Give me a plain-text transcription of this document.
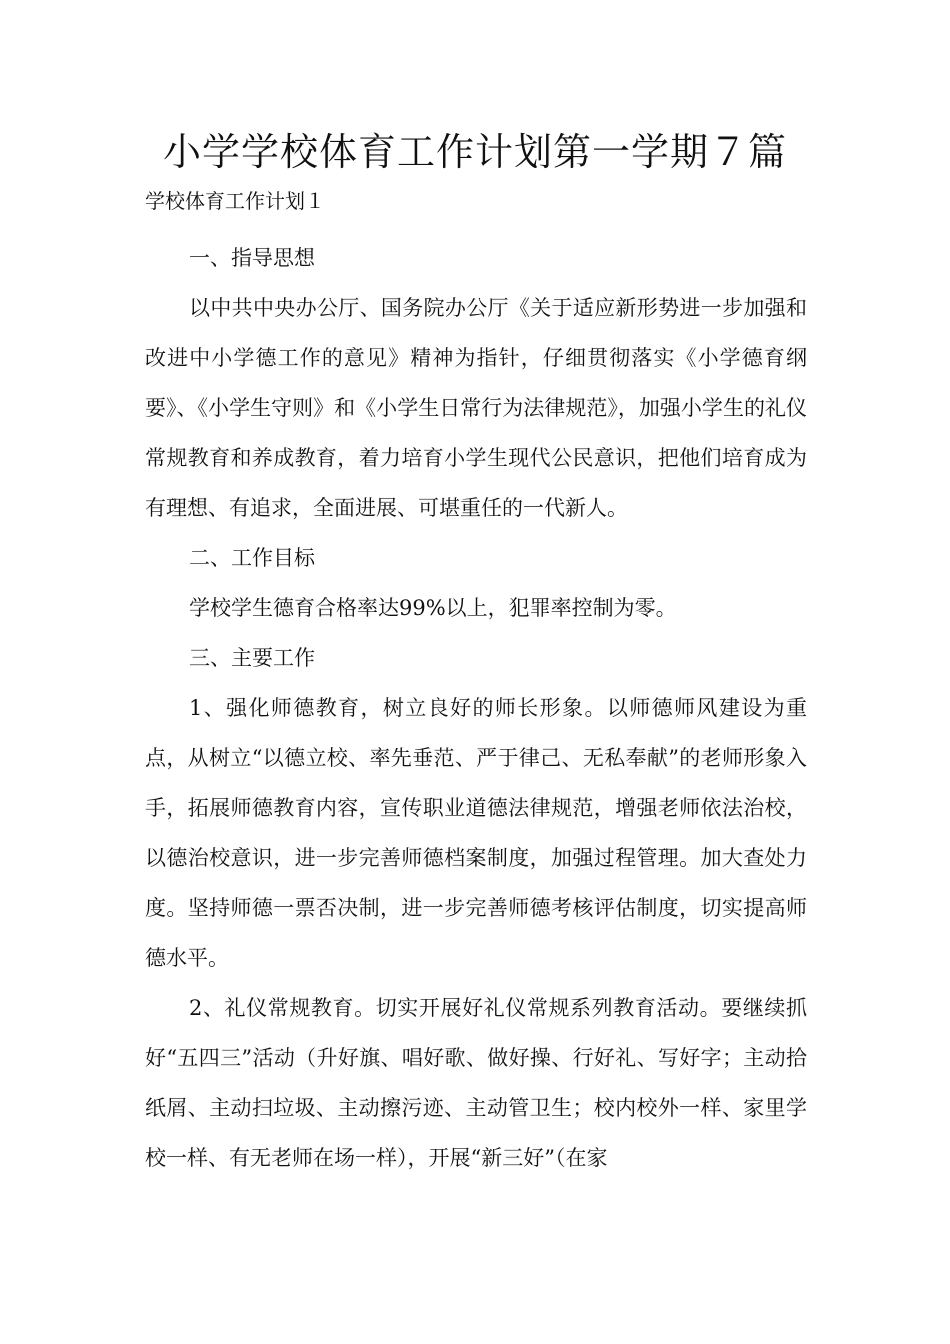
小学学校体育工作计划第一学期７篇

学校体育工作计划１

一、指导思想

以中共中央办公厅、国务院办公厅《关于适应新形势进一步加强和改进中小学德工作的意见》精神为指针，仔细贯彻落实《小学德育纲要》、《小学生守则》和《小学生日常行为法律规范》，加强小学生的礼仪常规教育和养成教育，着力培育小学生现代公民意识，把他们培育成为有理想、有追求，全面进展、可堪重任的一代新人。

二、工作目标

学校学生德育合格率达99%以上，犯罪率控制为零。

三、主要工作

1、强化师德教育，树立良好的师长形象。以师德师风建设为重点，从树立“以德立校、率先垂范、严于律己、无私奉献”的老师形象入手，拓展师德教育内容，宣传职业道德法律规范，增强老师依法治校，以德治校意识，进一步完善师德档案制度，加强过程管理。加大查处力度。坚持师德一票否决制，进一步完善师德考核评估制度，切实提高师德水平。

2、礼仪常规教育。切实开展好礼仪常规系列教育活动。要继续抓好“五四三”活动（升好旗、唱好歌、做好操、行好礼、写好字；主动拾纸屑、主动扫垃圾、主动擦污迹、主动管卫生；校内校外一样、家里学校一样、有无老师在场一样），开展“新三好”（在家
